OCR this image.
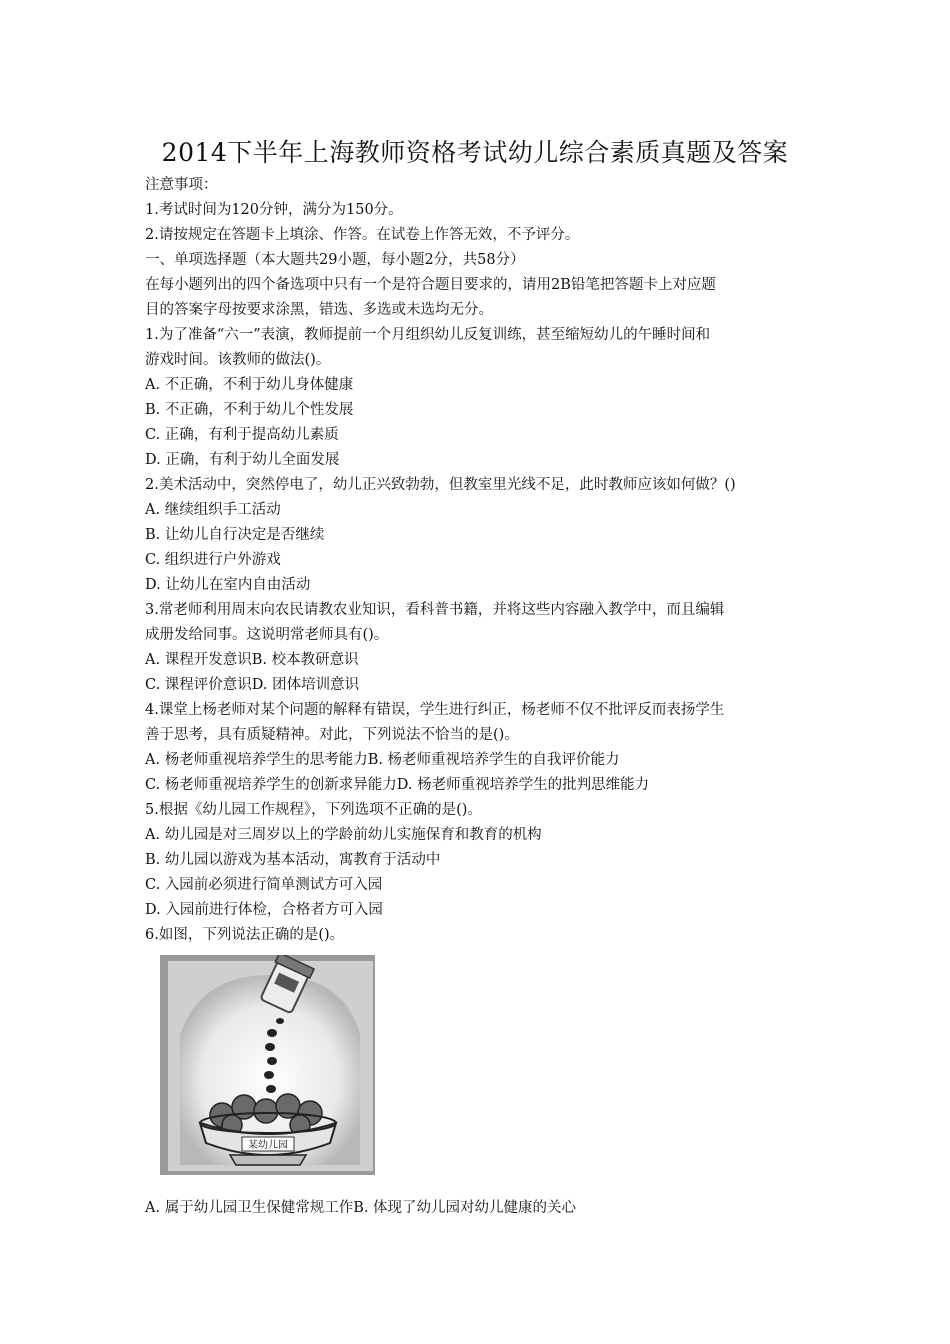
2014下半年上海教师资格考试幼儿综合素质真题及答案
注意事项：
1.考试时间为120分钟，满分为150分。
2.请按规定在答题卡上填涂、作答。在试卷上作答无效，不予评分。
一、单项选择题（本大题共29小题，每小题2分，共58分）
在每小题列出的四个备选项中只有一个是符合题目要求的，请用2B铅笔把答题卡上对应题
目的答案字母按要求涂黑，错选、多选或未选均无分。
1.为了准备“六一”表演，教师提前一个月组织幼儿反复训练，甚至缩短幼儿的午睡时间和
游戏时间。该教师的做法()。
A. 不正确，不利于幼儿身体健康
B. 不正确，不利于幼儿个性发展
C. 正确，有利于提高幼儿素质
D. 正确，有利于幼儿全面发展
2.美术活动中，突然停电了，幼儿正兴致勃勃，但教室里光线不足，此时教师应该如何做？()
A. 继续组织手工活动
B. 让幼儿自行决定是否继续
C. 组织进行户外游戏
D. 让幼儿在室内自由活动
3.常老师利用周末向农民请教农业知识，看科普书籍，并将这些内容融入教学中，而且编辑
成册发给同事。这说明常老师具有()。
A. 课程开发意识B. 校本教研意识
C. 课程评价意识D. 团体培训意识
4.课堂上杨老师对某个问题的解释有错误，学生进行纠正，杨老师不仅不批评反而表扬学生
善于思考，具有质疑精神。对此，下列说法不恰当的是()。
A. 杨老师重视培养学生的思考能力B. 杨老师重视培养学生的自我评价能力
C. 杨老师重视培养学生的创新求异能力D. 杨老师重视培养学生的批判思维能力
5.根据《幼儿园工作规程》，下列选项不正确的是()。
A. 幼儿园是对三周岁以上的学龄前幼儿实施保育和教育的机构
B. 幼儿园以游戏为基本活动，寓教育于活动中
C. 入园前必须进行简单测试方可入园
D. 入园前进行体检，合格者方可入园
6.如图，下列说法正确的是()。
某幼儿园
A. 属于幼儿园卫生保健常规工作B. 体现了幼儿园对幼儿健康的关心
